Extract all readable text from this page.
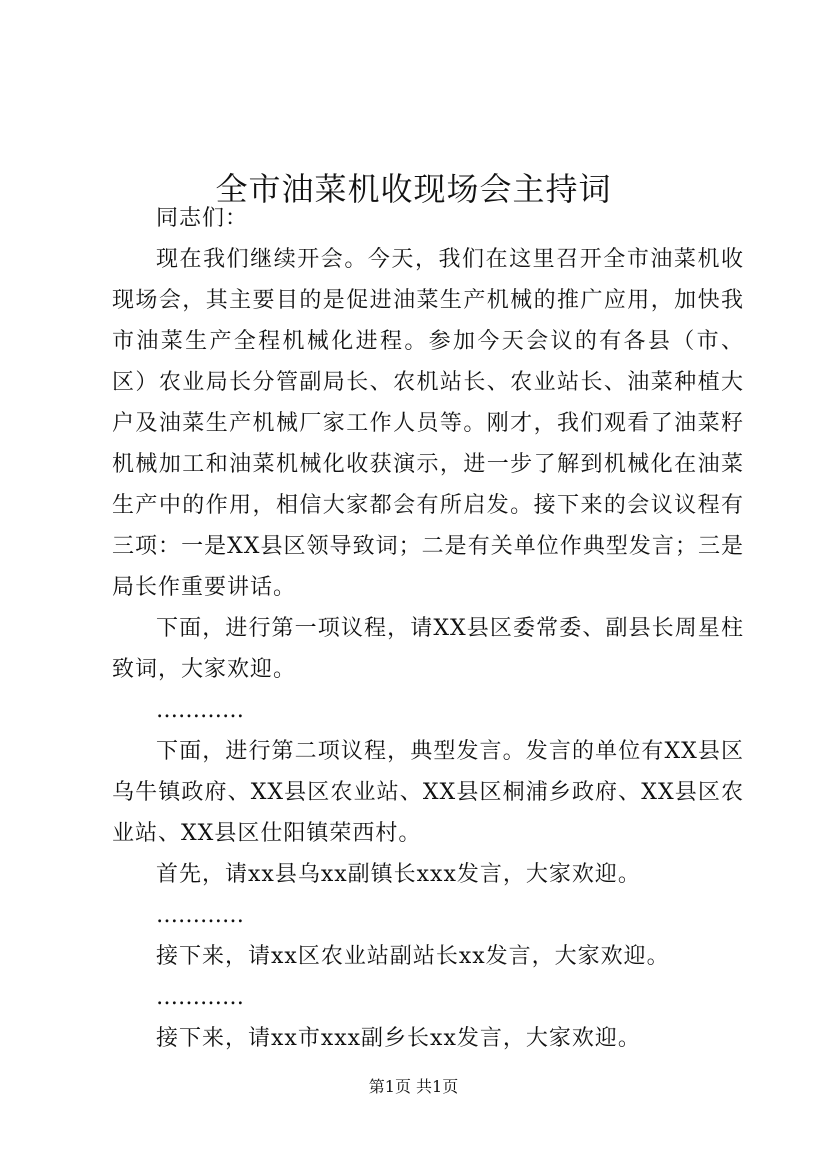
全市油菜机收现场会主持词

同志们：

现在我们继续开会。今天，我们在这里召开全市油菜机收现场会，其主要目的是促进油菜生产机械的推广应用，加快我市油菜生产全程机械化进程。参加今天会议的有各县（市、区）农业局长分管副局长、农机站长、农业站长、油菜种植大户及油菜生产机械厂家工作人员等。刚才，我们观看了油菜籽机械加工和油菜机械化收获演示，进一步了解到机械化在油菜生产中的作用，相信大家都会有所启发。接下来的会议议程有三项：一是XX县区领导致词；二是有关单位作典型发言；三是局长作重要讲话。

下面，进行第一项议程，请XX县区委常委、副县长周星柱致词，大家欢迎。

…………

下面，进行第二项议程，典型发言。发言的单位有XX县区乌牛镇政府、XX县区农业站、XX县区桐浦乡政府、XX县区农业站、XX县区仕阳镇荣西村。

首先，请xx县乌xx副镇长xxx发言，大家欢迎。

…………

接下来，请xx区农业站副站长xx发言，大家欢迎。

…………

接下来，请xx市xxx副乡长xx发言，大家欢迎。

第1页 共1页
